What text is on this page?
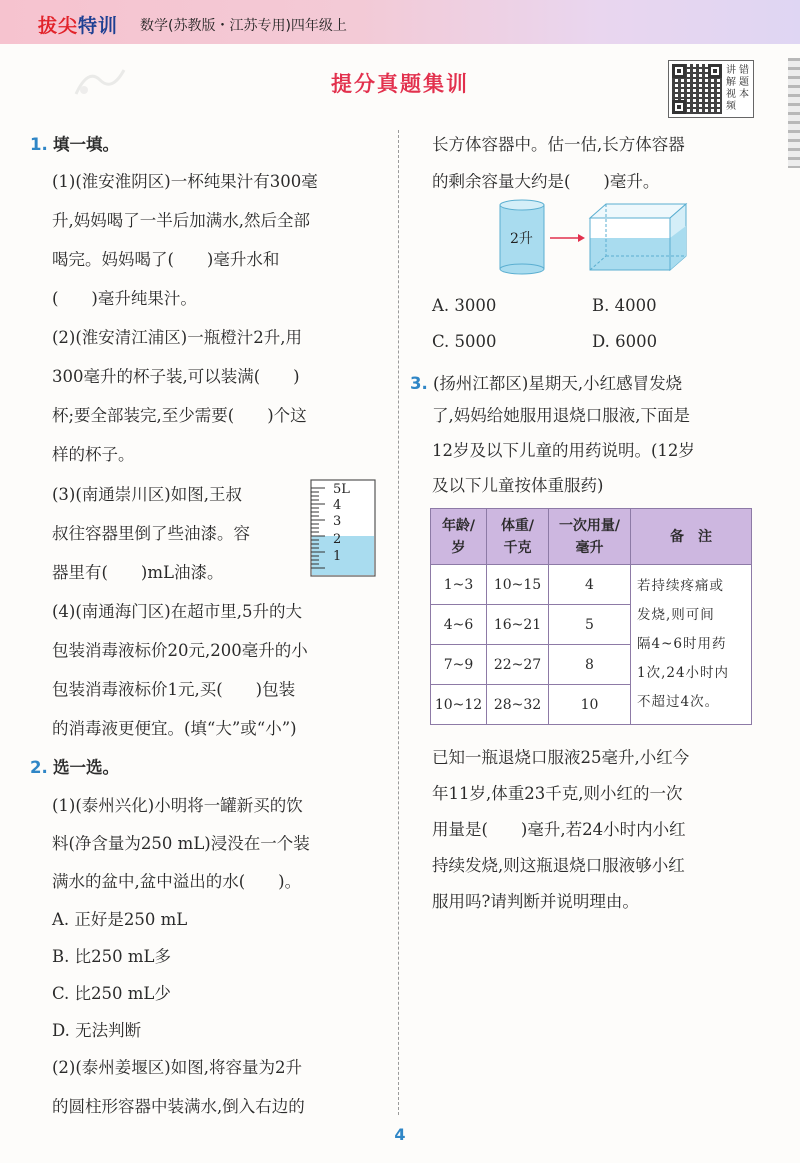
拔尖特训 数学(苏教版・江苏专用)四年级上
提分真题集训
讲 错
解 题
视 本
频
1. 填一填。
(1)(淮安淮阴区)一杯纯果汁有300毫
升,妈妈喝了一半后加满水,然后全部
喝完。妈妈喝了(　　)毫升水和
(　　)毫升纯果汁。
(2)(淮安清江浦区)一瓶橙汁2升,用
300毫升的杯子装,可以装满(　　)
杯;要全部装完,至少需要(　　)个这
样的杯子。
(3)(南通崇川区)如图,王叔
叔往容器里倒了些油漆。容
器里有(　　)mL油漆。
(4)(南通海门区)在超市里,5升的大
包装消毒液标价20元,200毫升的小
包装消毒液标价1元,买(　　)包装
的消毒液更便宜。(填“大”或“小”)
2. 选一选。
(1)(泰州兴化)小明将一罐新买的饮
料(净含量为250 mL)浸没在一个装
满水的盆中,盆中溢出的水(　　)。
A. 正好是250 mL
B. 比250 mL多
C. 比250 mL少
D. 无法判断
(2)(泰州姜堰区)如图,将容量为2升
的圆柱形容器中装满水,倒入右边的
5L
4
3
2
1
长方体容器中。估一估,长方体容器
的剩余容量大约是(　　)毫升。
A. 3000	B. 4000
C. 5000	D. 6000
3. (扬州江都区)星期天,小红感冒发烧
了,妈妈给她服用退烧口服液,下面是
12岁及以下儿童的用药说明。(12岁
及以下儿童按体重服药)
已知一瓶退烧口服液25毫升,小红今
年11岁,体重23千克,则小红的一次
用量是(　　)毫升,若24小时内小红
持续发烧,则这瓶退烧口服液够小红
服用吗?请判断并说明理由。
2升
年龄/
岁	体重/
千克	一次用量/
毫升	备　注
1~3	10~15	4	若持续疼痛或
发烧,则可间
隔4~6时用药
1次,24小时内
不超过4次。
4~6	16~21	5	
7~9	22~27	8	
10~12	28~32	10	
4
